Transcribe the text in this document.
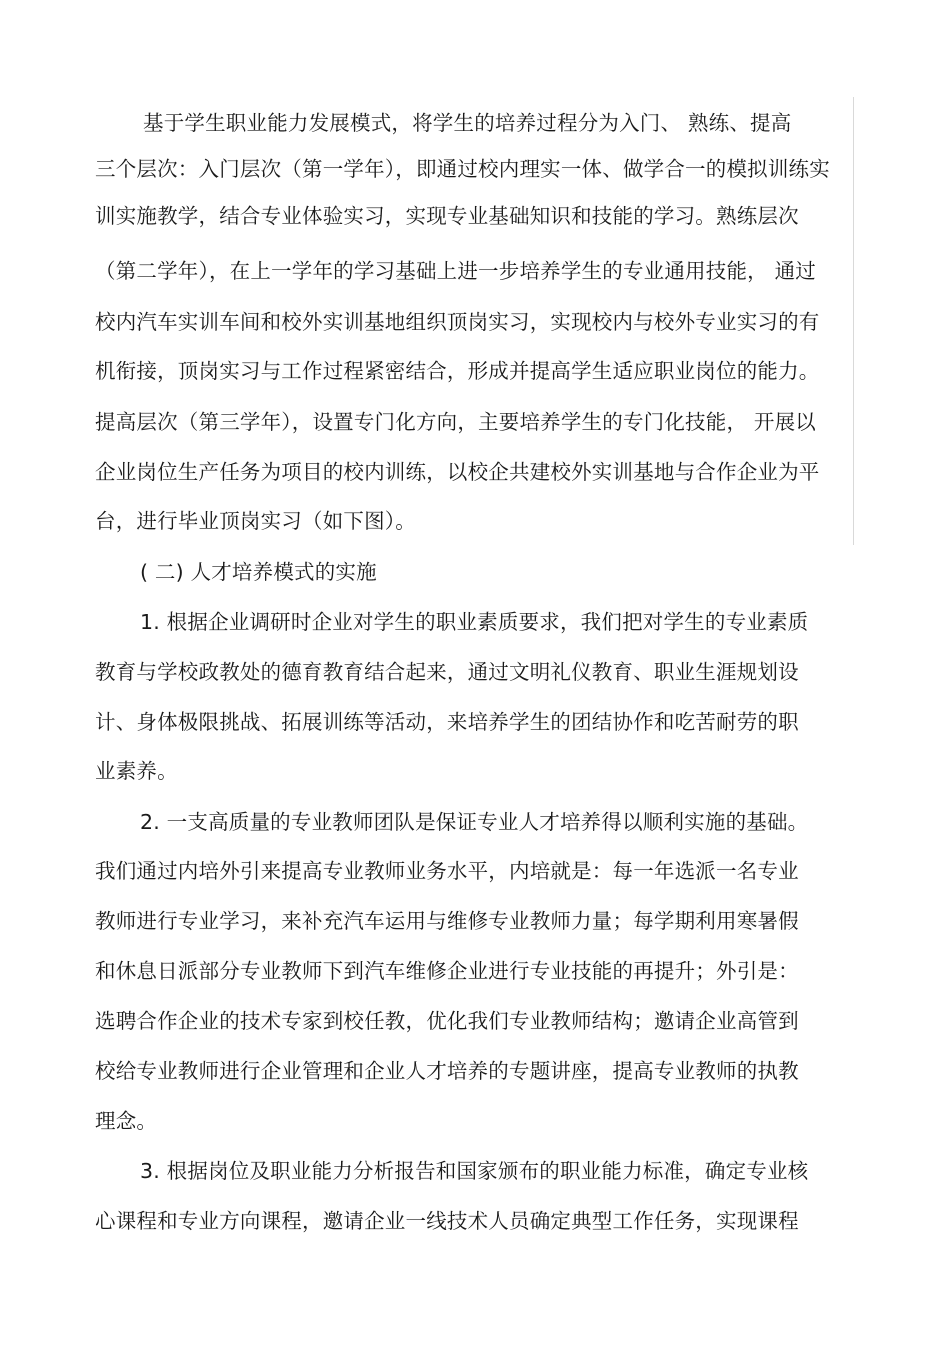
基于学生职业能力发展模式，将学生的培养过程分为入门、 熟练、提高
三个层次：入门层次（第一学年），即通过校内理实一体、做学合一的模拟训练实
训实施教学，结合专业体验实习，实现专业基础知识和技能的学习。熟练层次
（第二学年），在上一学年的学习基础上进一步培养学生的专业通用技能， 通过
校内汽车实训车间和校外实训基地组织顶岗实习，实现校内与校外专业实习的有
机衔接，顶岗实习与工作过程紧密结合，形成并提高学生适应职业岗位的能力。
提高层次（第三学年），设置专门化方向，主要培养学生的专门化技能， 开展以
企业岗位生产任务为项目的校内训练，以校企共建校外实训基地与合作企业为平
台，进行毕业顶岗实习（如下图）。
( 二) 人才培养模式的实施
1. 根据企业调研时企业对学生的职业素质要求，我们把对学生的专业素质
教育与学校政教处的德育教育结合起来，通过文明礼仪教育、职业生涯规划设
计、身体极限挑战、拓展训练等活动，来培养学生的团结协作和吃苦耐劳的职
业素养。
2. 一支高质量的专业教师团队是保证专业人才培养得以顺利实施的基础。
我们通过内培外引来提高专业教师业务水平，内培就是：每一年选派一名专业
教师进行专业学习，来补充汽车运用与维修专业教师力量；每学期利用寒暑假
和休息日派部分专业教师下到汽车维修企业进行专业技能的再提升；外引是：
选聘合作企业的技术专家到校任教，优化我们专业教师结构；邀请企业高管到
校给专业教师进行企业管理和企业人才培养的专题讲座，提高专业教师的执教
理念。
3. 根据岗位及职业能力分析报告和国家颁布的职业能力标准，确定专业核
心课程和专业方向课程，邀请企业一线技术人员确定典型工作任务，实现课程
